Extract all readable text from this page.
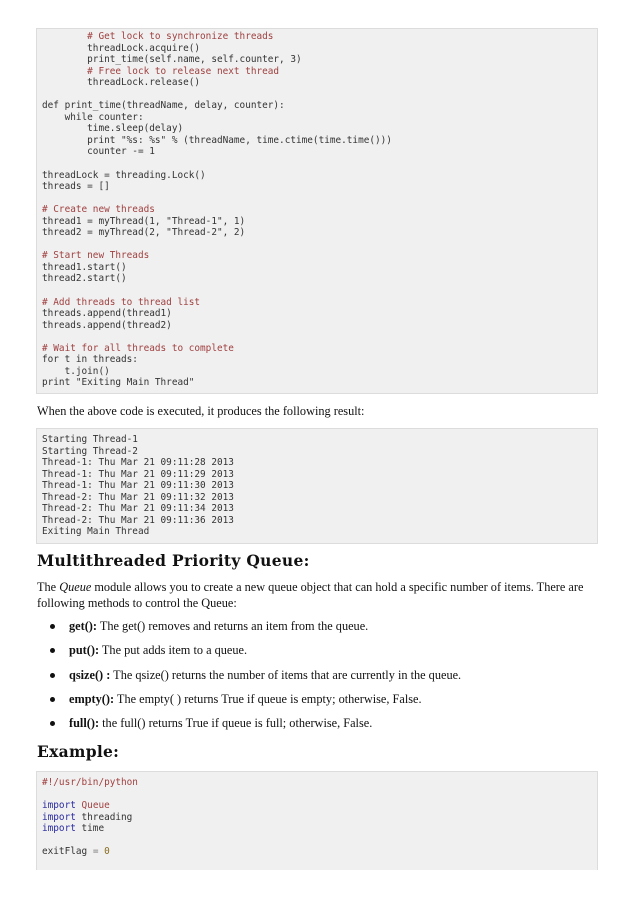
# Get lock to synchronize threads
threadLock.acquire()
print_time(self.name, self.counter, 3)
# Free lock to release next thread
threadLock.release()
def print_time(threadName, delay, counter):
while counter:
time.sleep(delay)
print "%s: %s" % (threadName, time.ctime(time.time()))
counter -= 1
threadLock = threading.Lock()
threads = []
# Create new threads
thread1 = myThread(1, "Thread-1", 1)
thread2 = myThread(2, "Thread-2", 2)
# Start new Threads
thread1.start()
thread2.start()
# Add threads to thread list
threads.append(thread1)
threads.append(thread2)
# Wait for all threads to complete
for t in threads:
t.join()
print "Exiting Main Thread"
When the above code is executed, it produces the following result:
Starting Thread-1
Starting Thread-2
Thread-1: Thu Mar 21 09:11:28 2013
Thread-1: Thu Mar 21 09:11:29 2013
Thread-1: Thu Mar 21 09:11:30 2013
Thread-2: Thu Mar 21 09:11:32 2013
Thread-2: Thu Mar 21 09:11:34 2013
Thread-2: Thu Mar 21 09:11:36 2013
Exiting Main Thread
Multithreaded Priority Queue:
The Queue module allows you to create a new queue object that can hold a specific number of items. There are following methods to control the Queue:
get(): The get() removes and returns an item from the queue.
put(): The put adds item to a queue.
qsize() : The qsize() returns the number of items that are currently in the queue.
empty(): The empty( ) returns True if queue is empty; otherwise, False.
full(): the full() returns True if queue is full; otherwise, False.
Example:
#!/usr/bin/python
import Queue
import threading
import time
exitFlag = 0
